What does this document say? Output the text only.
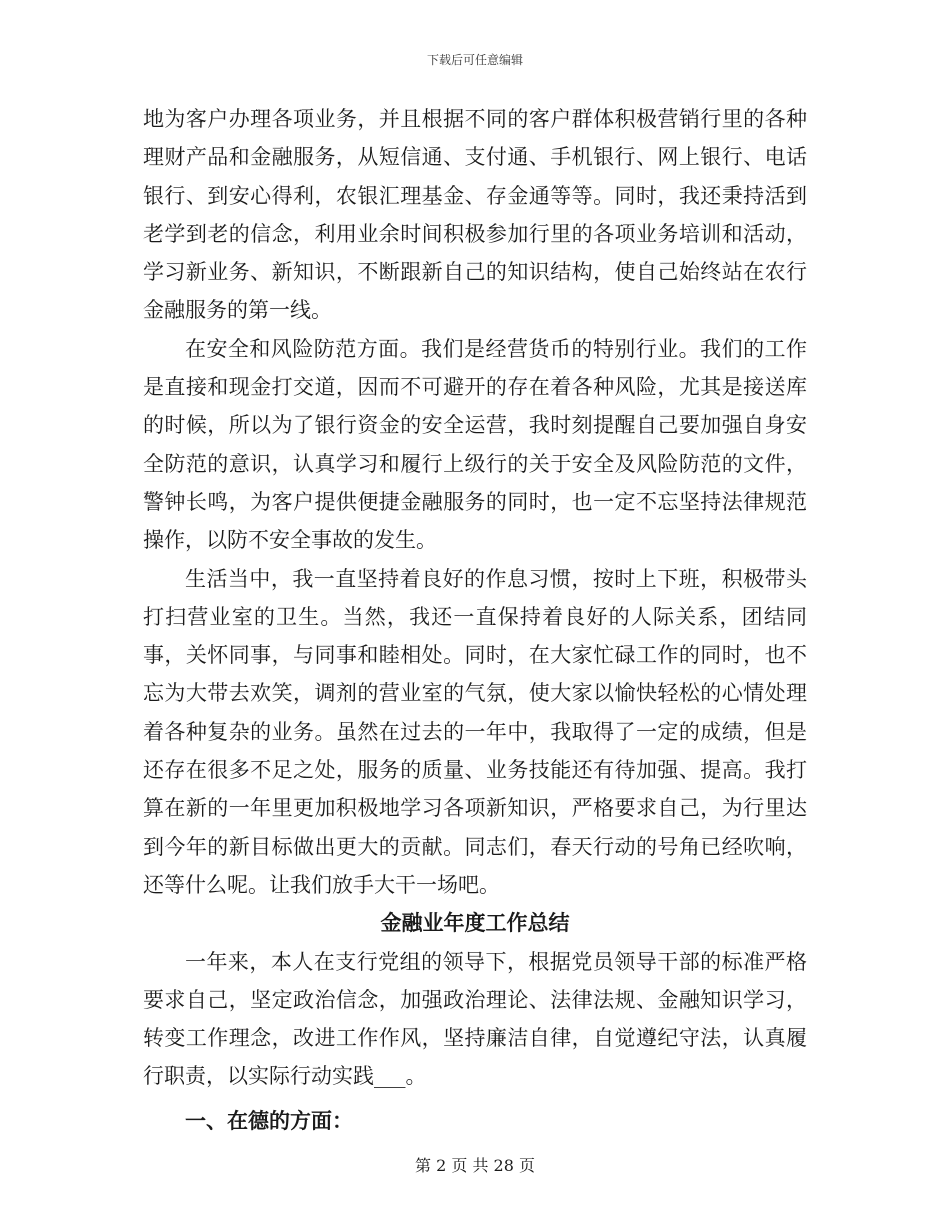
下载后可任意编辑

地为客户办理各项业务，并且根据不同的客户群体积极营销行里的各种理财产品和金融服务，从短信通、支付通、手机银行、网上银行、电话银行、到安心得利，农银汇理基金、存金通等等。同时，我还秉持活到老学到老的信念，利用业余时间积极参加行里的各项业务培训和活动，学习新业务、新知识，不断跟新自己的知识结构，使自己始终站在农行金融服务的第一线。

在安全和风险防范方面。我们是经营货币的特别行业。我们的工作是直接和现金打交道，因而不可避开的存在着各种风险，尤其是接送库的时候，所以为了银行资金的安全运营，我时刻提醒自己要加强自身安全防范的意识，认真学习和履行上级行的关于安全及风险防范的文件，警钟长鸣，为客户提供便捷金融服务的同时，也一定不忘坚持法律规范操作，以防不安全事故的发生。

生活当中，我一直坚持着良好的作息习惯，按时上下班，积极带头打扫营业室的卫生。当然，我还一直保持着良好的人际关系，团结同事，关怀同事，与同事和睦相处。同时，在大家忙碌工作的同时，也不忘为大带去欢笑，调剂的营业室的气氛，使大家以愉快轻松的心情处理着各种复杂的业务。虽然在过去的一年中，我取得了一定的成绩，但是还存在很多不足之处，服务的质量、业务技能还有待加强、提高。我打算在新的一年里更加积极地学习各项新知识，严格要求自己，为行里达到今年的新目标做出更大的贡献。同志们，春天行动的号角已经吹响，还等什么呢。让我们放手大干一场吧。

金融业年度工作总结

一年来，本人在支行党组的领导下，根据党员领导干部的标准严格要求自己，坚定政治信念，加强政治理论、法律法规、金融知识学习，转变工作理念，改进工作作风，坚持廉洁自律，自觉遵纪守法，认真履行职责，以实际行动实践___。

一、在德的方面：

第 2 页 共 28 页
